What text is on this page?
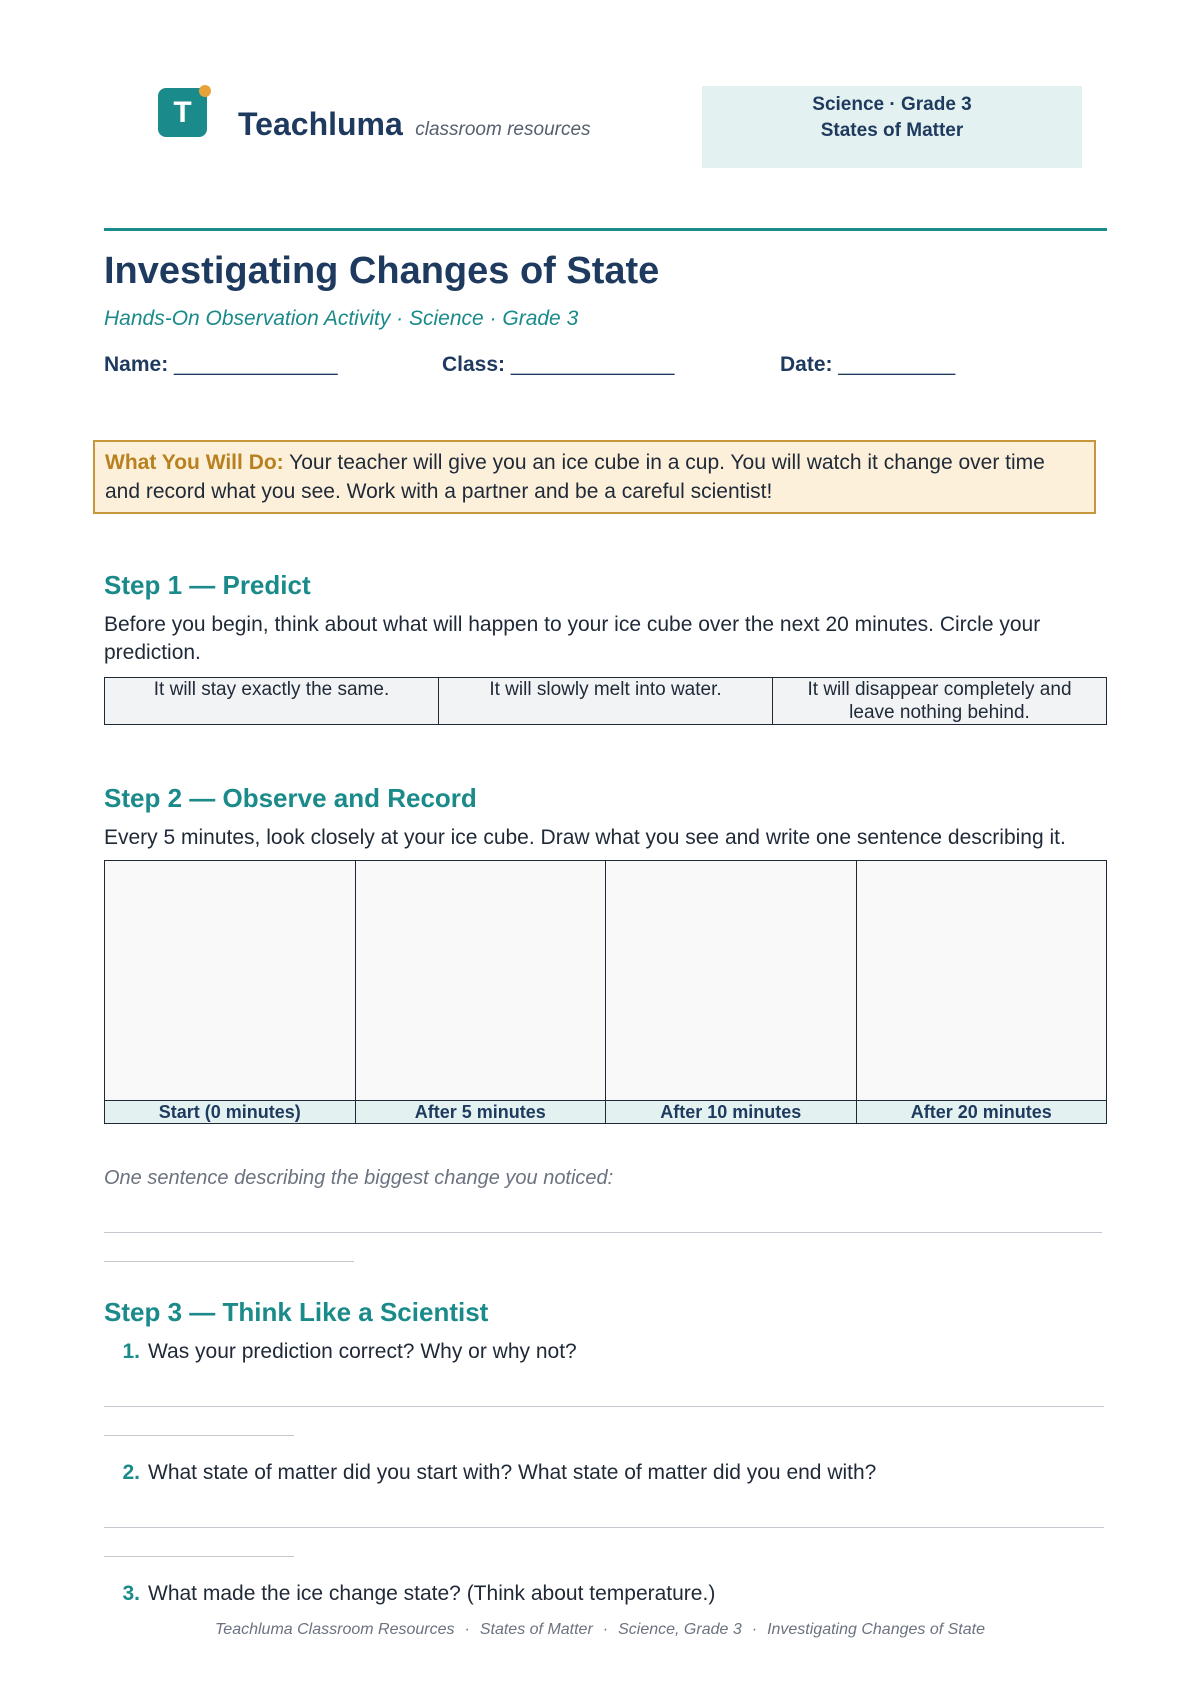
T Teachluma classroom resources
Science · Grade 3
States of Matter
Investigating Changes of State
Hands-On Observation Activity · Science · Grade 3
Name: ______________	Class: ______________	Date: __________
What You Will Do: Your teacher will give you an ice cube in a cup. You will watch it change over time and record what you see. Work with a partner and be a careful scientist!
Step 1 — Predict
Before you begin, think about what will happen to your ice cube over the next 20 minutes. Circle your prediction.
It will stay exactly the same.	It will slowly melt into water.	It will disappear completely and leave nothing behind.
Step 2 — Observe and Record
Every 5 minutes, look closely at your ice cube. Draw what you see and write one sentence describing it.
Start (0 minutes)	After 5 minutes	After 10 minutes	After 20 minutes
One sentence describing the biggest change you noticed:
Step 3 — Think Like a Scientist
1. Was your prediction correct? Why or why not?
2. What state of matter did you start with? What state of matter did you end with?
3. What made the ice change state? (Think about temperature.)
Teachluma Classroom Resources · States of Matter · Science, Grade 3 · Investigating Changes of State
